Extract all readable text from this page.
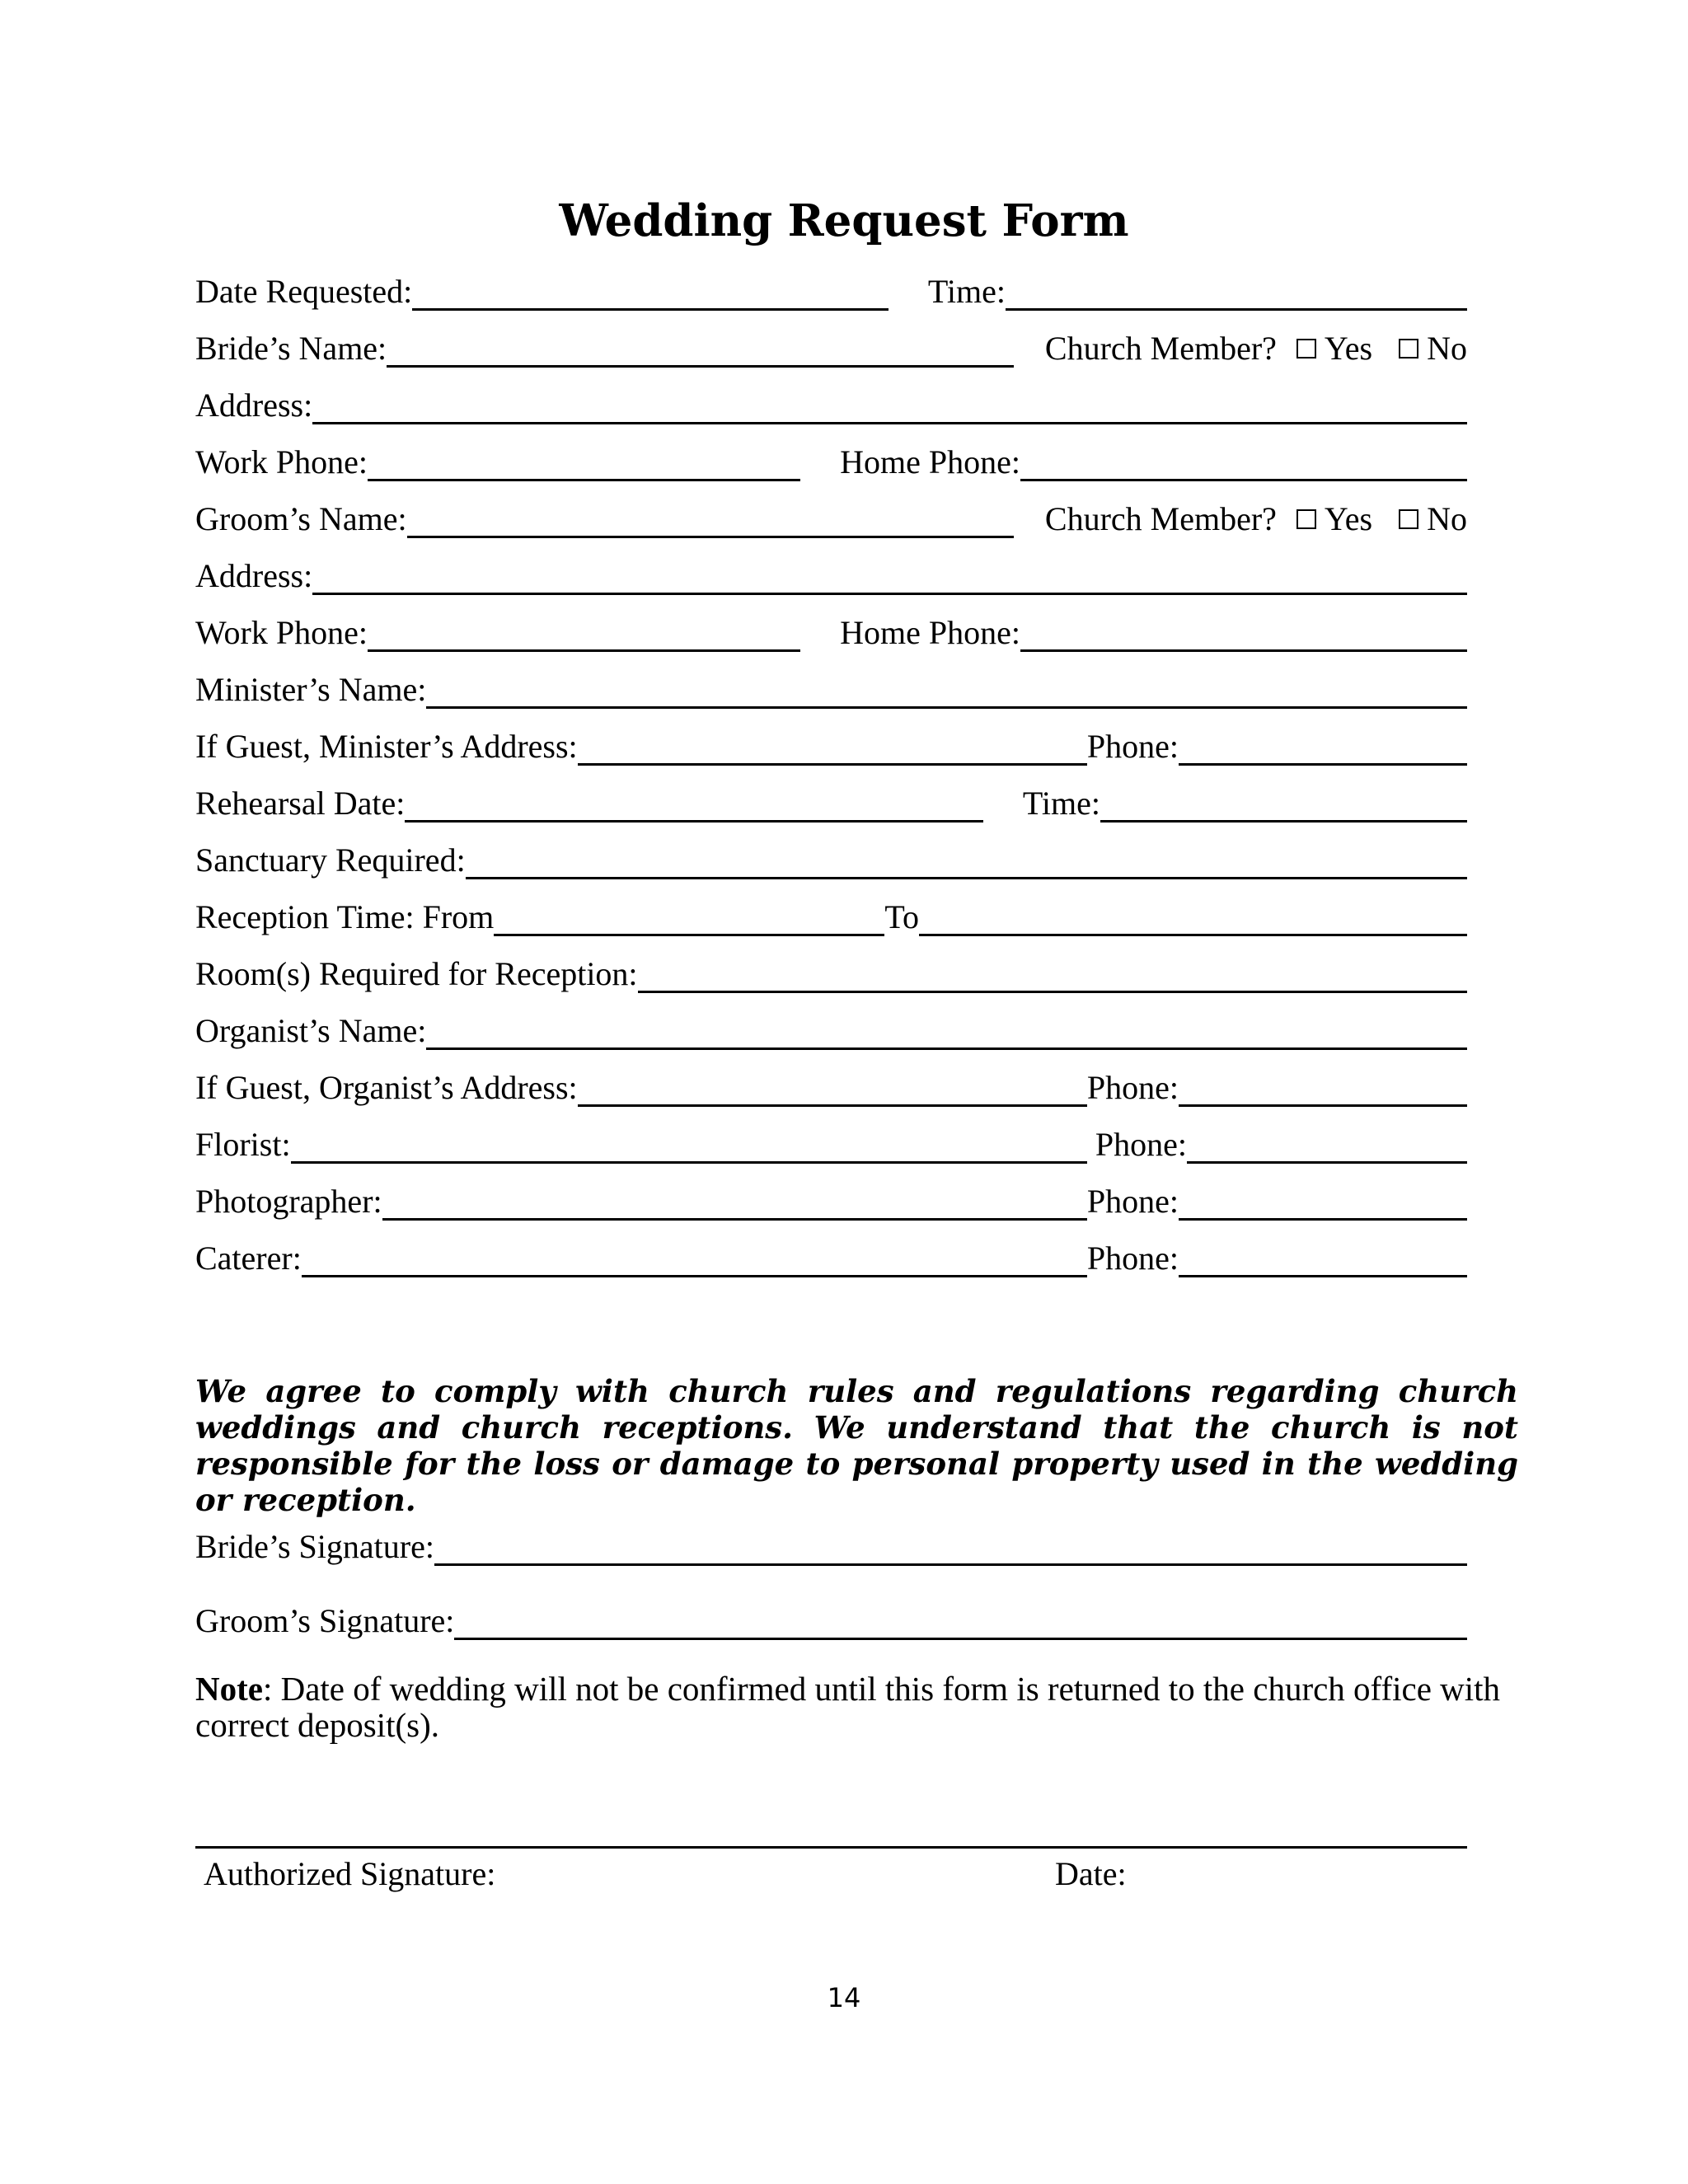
Wedding Request Form
Date Requested:	Time:
Bride’s Name:	Church Member? Yes No
Address:
Work Phone:	Home Phone:
Groom’s Name:	Church Member? Yes No
Address:
Work Phone:	Home Phone:
Minister’s Name:
If Guest, Minister’s Address:	Phone:
Rehearsal Date:	Time:
Sanctuary Required:
Reception Time: From	To
Room(s) Required for Reception:
Organist’s Name:
If Guest, Organist’s Address:	Phone:
Florist:	Phone:
Photographer:	Phone:
Caterer:	Phone:
We agree to comply with church rules and regulations regarding church weddings and church receptions. We understand that the church is not responsible for the loss or damage to personal property used in the wedding or reception.
Bride’s Signature:
Groom’s Signature:
Note: Date of wedding will not be confirmed until this form is returned to the church office with correct deposit(s).
Authorized Signature:	Date:
14
